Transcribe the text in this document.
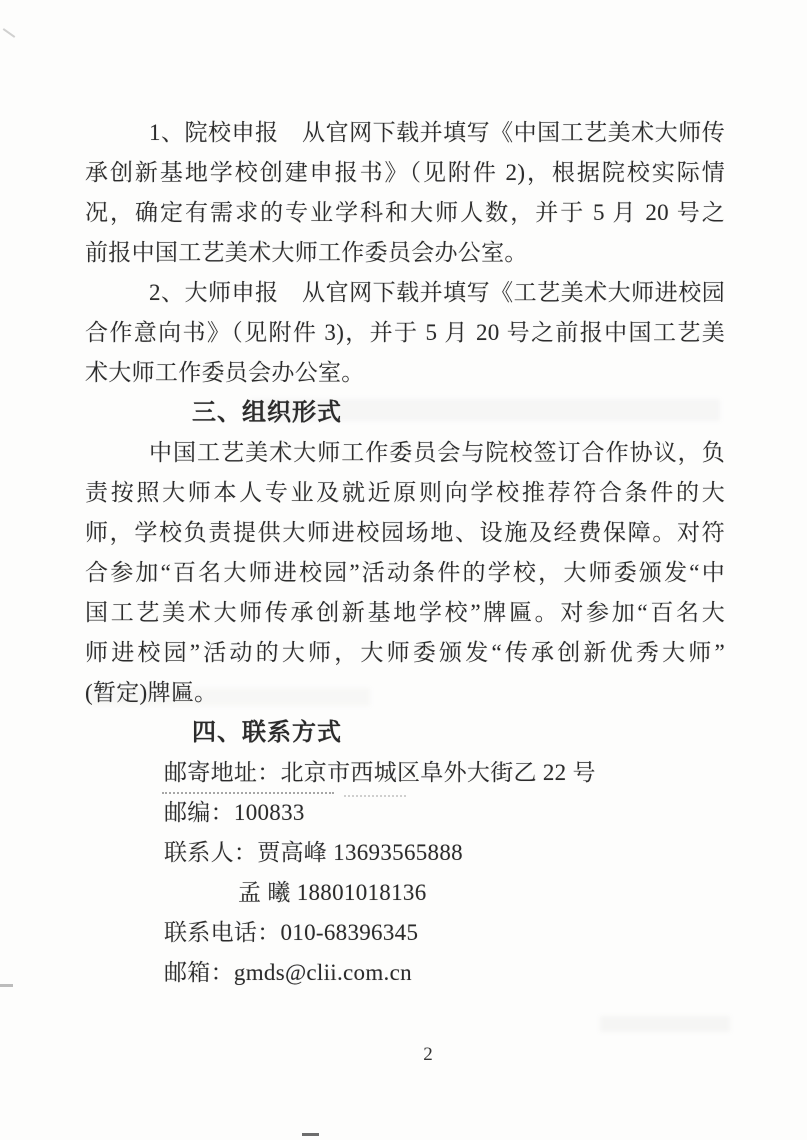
1、院校申报　从官网下载并填写《中国工艺美术大师传

承创新基地学校创建申报书》（见附件 2)，根据院校实际情

况，确定有需求的专业学科和大师人数，并于 5 月 20 号之

前报中国工艺美术大师工作委员会办公室。

2、大师申报　从官网下载并填写《工艺美术大师进校园

合作意向书》（见附件 3)，并于 5 月 20 号之前报中国工艺美

术大师工作委员会办公室。

三、组织形式

中国工艺美术大师工作委员会与院校签订合作协议，负

责按照大师本人专业及就近原则向学校推荐符合条件的大

师，学校负责提供大师进校园场地、设施及经费保障。对符

合参加“百名大师进校园”活动条件的学校，大师委颁发“中

国工艺美术大师传承创新基地学校”牌匾。对参加“百名大

师进校园”活动的大师，大师委颁发“传承创新优秀大师”

(暂定)牌匾。

四、联系方式

邮寄地址：北京市西城区阜外大街乙 22 号

邮编：100833

联系人：贾高峰 13693565888

孟 曦 18801018136

联系电话：010-68396345

邮箱：gmds@clii.com.cn

2
